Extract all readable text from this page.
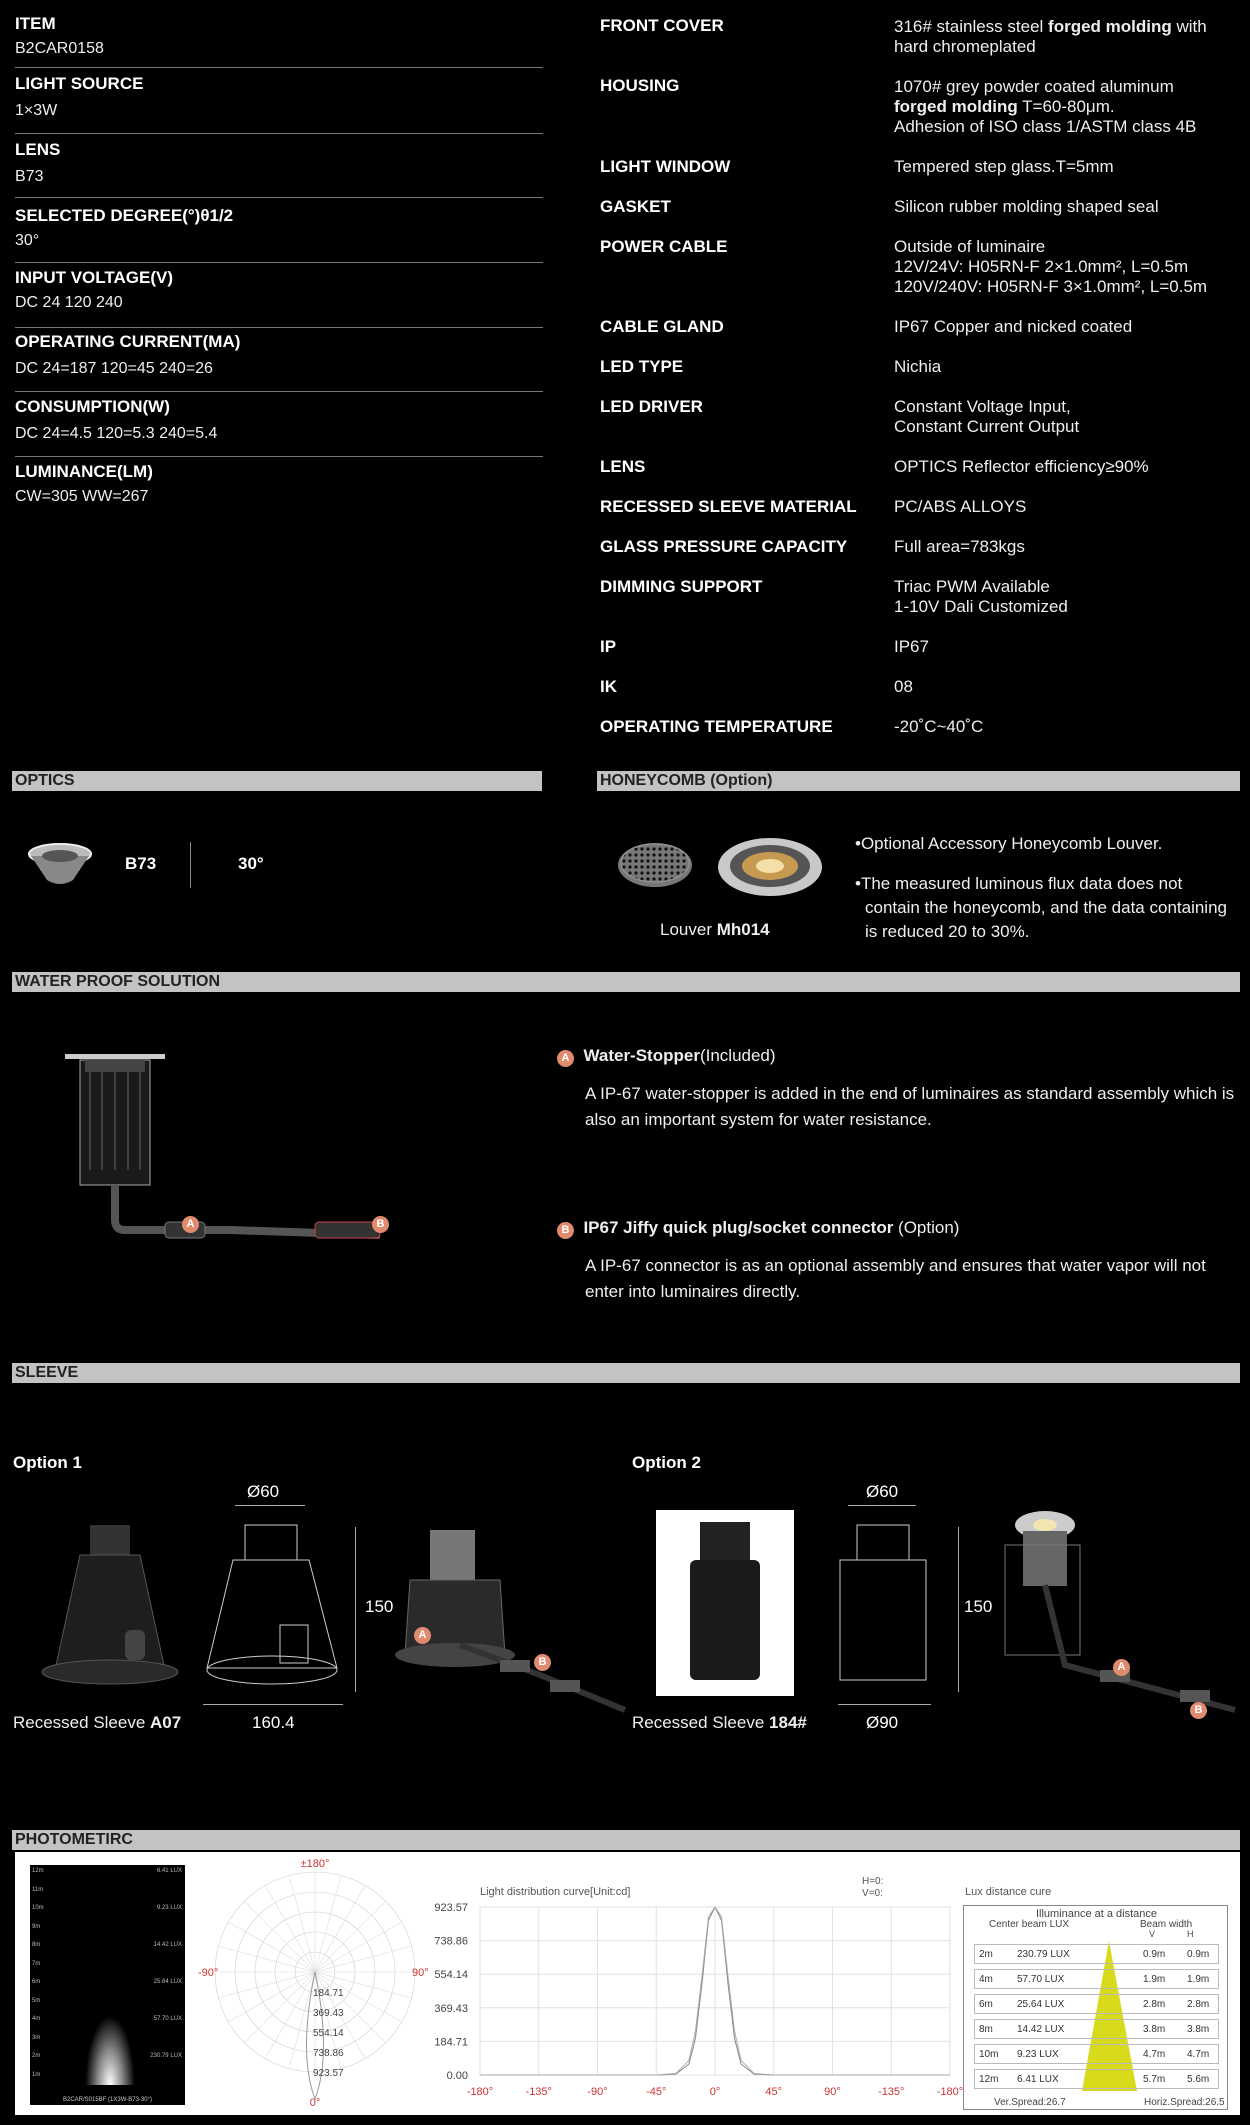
ITEM
B2CAR0158
LIGHT SOURCE
1×3W
LENS
B73
SELECTED DEGREE(°)θ1/2
30°
INPUT VOLTAGE(V)
DC 24 120 240
OPERATING CURRENT(MA)
DC 24=187 120=45 240=26
CONSUMPTION(W)
DC 24=4.5 120=5.3 240=5.4
LUMINANCE(LM)
CW=305 WW=267
FRONT COVER	316# stainless steel forged molding with
hard chromeplated
HOUSING	1070# grey powder coated aluminum
forged molding T=60-80μm.
Adhesion of ISO class 1/ASTM class 4B
LIGHT WINDOW	Tempered step glass.T=5mm
GASKET	Silicon rubber molding shaped seal
POWER CABLE	Outside of luminaire
12V/24V: H05RN-F 2×1.0mm², L=0.5m
120V/240V: H05RN-F 3×1.0mm², L=0.5m
CABLE GLAND	IP67 Copper and nicked coated
LED TYPE	Nichia
LED DRIVER	Constant Voltage Input,
Constant Current Output
LENS	OPTICS Reflector efficiency≥90%
RECESSED SLEEVE MATERIAL PC/ABS ALLOYS
GLASS PRESSURE CAPACITY	Full area=783kgs
DIMMING SUPPORT	Triac PWM Available
1-10V Dali Customized
IP	IP67
IK	08
OPERATING TEMPERATURE	-20˚C~40˚C
OPTICS	HONEYCOMB (Option)
B73	30°
Louver Mh014
•Optional Accessory Honeycomb Louver.
•The measured luminous flux data does not contain the honeycomb, and the data containing is reduced 20 to 30%.
WATER PROOF SOLUTION
A	B
A Water-Stopper(Included)
A IP-67 water-stopper is added in the end of luminaires as standard assembly which is also an important system for water resistance.
B IP67 Jiffy quick plug/socket connector (Option)
A IP-67 connector is as an optional assembly and ensures that water vapor will not enter into luminaires directly.
SLEEVE
Option 1	Option 2
Ø60
150
160.4
A
B
Recessed Sleeve A07
Ø60
150
Ø90
A
B
Recessed Sleeve 184#
PHOTOMETIRC
12m
11m
10m
9m
8m
7m
6m
5m
4m
3m
2m
1m
6.41 LUX
9.23 LUX
14.42 LUX
25.64 LUX
57.70 LUX
230.79 LUX
B2CAR/S015BF (1X3W-B73-30°)
±180°
-90°	90°
0°
184.71
369.43
554.14
738.86
923.57
Light distribution curve[Unit:cd]
H=0:
V=0:
0.00
184.71
369.43
554.14
738.86
923.57
-180°	-135°	-90°	-45°	0°	45°	90°	-135°	-180°
Lux distance cure
Illuminance at a distance
Center beam LUX	Beam width
V	H
2m 230.79 LUX	0.9m 0.9m
4m 57.70 LUX	1.9m 1.9m
6m 25.64 LUX	2.8m 2.8m
8m 14.42 LUX	3.8m 3.8m
10m 9.23 LUX	4.7m 4.7m
12m 6.41 LUX	5.7m 5.6m
Ver.Spread:26.7	Horiz.Spread:26.5
